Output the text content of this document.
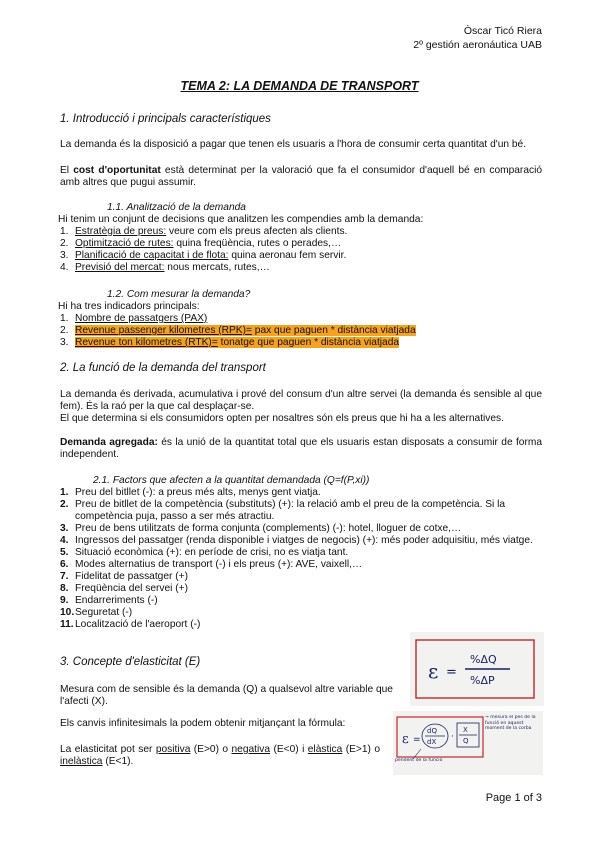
Òscar Ticó Riera
2º gestión aeronáutica UAB
TEMA 2: LA DEMANDA DE TRANSPORT
1. Introducció i principals característiques
La demanda és la disposició a pagar que tenen els usuaris a l'hora de consumir certa quantitat d'un bé.
El cost d'oportunitat està determinat per la valoració que fa el consumidor d'aquell bé en comparació amb altres que pugui assumir.
1.1. Analització de la demanda
Hi tenim un conjunt de decisions que analitzen les compendies amb la demanda:
1. Estratègia de preus: veure com els preus afecten als clients.
2. Optimització de rutes: quina freqüència, rutes o perades,…
3. Planificació de capacitat i de flota: quina aeronau fem servir.
4. Previsió del mercat: nous mercats, rutes,…
1.2. Com mesurar la demanda?
Hi ha tres indicadors principals:
1. Nombre de passatgers (PAX)
2. Revenue passenger kilometres (RPK)= pax que paguen * distància viatjada
3. Revenue ton kilometres (RTK)= tonatge que paguen * distància viatjada
2. La funció de la demanda del transport
La demanda és derivada, acumulativa i prové del consum d'un altre servei (la demanda és sensible al que fem). És la raó per la que cal desplaçar-se.
El que determina si els consumidors opten per nosaltres són els preus que hi ha a les alternatives.
Demanda agregada: és la unió de la quantitat total que els usuaris estan disposats a consumir de forma independent.
2.1. Factors que afecten a la quantitat demandada (Q=f(P,xi))
1. Preu del bitllet (-): a preus més alts, menys gent viatja.
2. Preu de bitllet de la competència (substituts) (+): la relació amb el preu de la competència. Si la competència puja, passo a ser més atractiu.
3. Preu de bens utilitzats de forma conjunta (complements) (-): hotel, lloguer de cotxe,…
4. Ingressos del passatger (renda disponible i viatges de negocis) (+): més poder adquisitiu, més viatge.
5. Situació econòmica (+): en període de crisi, no es viatja tant.
6. Modes alternatius de transport (-) i els preus (+): AVE, vaixell,…
7. Fidelitat de passatger (+)
8. Freqüència del servei (+)
9. Endarreriments (-)
10. Seguretat (-)
11. Localització de l'aeroport (-)
3. Concepte d'elasticitat (E)
Mesura com de sensible és la demanda (Q) a qualsevol altre variable que l'afecti (X).
Els canvis infinitesimals la podem obtenir mitjançant la fórmula:
La elasticitat pot ser positiva (E>0) o negativa (E<0) i elàstica (E>1) o inelàstica (E<1).
ε =
%ΔQ
%ΔP
ε =
dQ
dX ·
X
Q
→ mesura el pes de la funció en aquest moment de la corba
pendent de la funció
Page 1 of 3
